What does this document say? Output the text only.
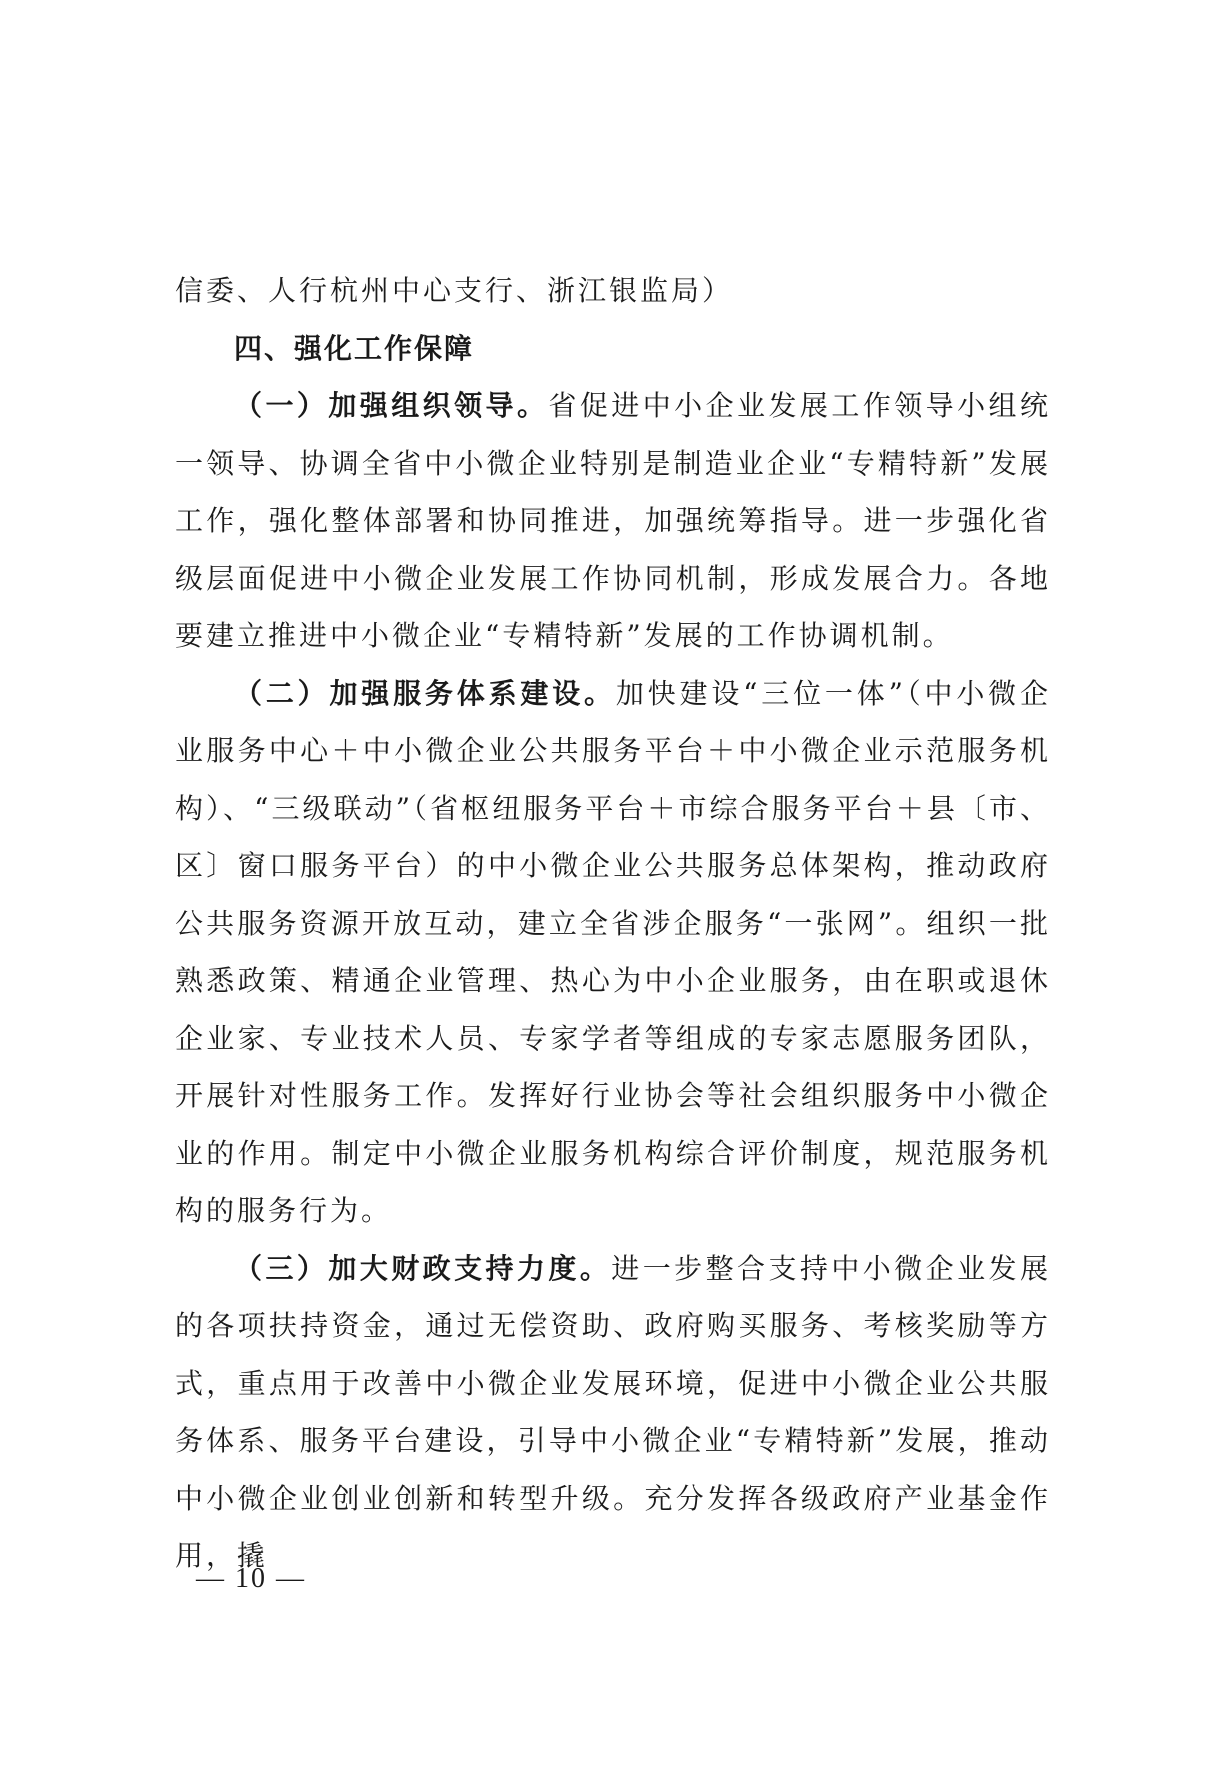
信委、人行杭州中心支行、浙江银监局）

四、强化工作保障

（一）加强组织领导。省促进中小企业发展工作领导小组统一领导、协调全省中小微企业特别是制造业企业“专精特新”发展工作，强化整体部署和协同推进，加强统筹指导。进一步强化省级层面促进中小微企业发展工作协同机制，形成发展合力。各地要建立推进中小微企业“专精特新”发展的工作协调机制。

（二）加强服务体系建设。加快建设“三位一体”（中小微企业服务中心＋中小微企业公共服务平台＋中小微企业示范服务机构）、“三级联动”（省枢纽服务平台＋市综合服务平台＋县〔市、区〕窗口服务平台）的中小微企业公共服务总体架构，推动政府公共服务资源开放互动，建立全省涉企服务“一张网”。组织一批熟悉政策、精通企业管理、热心为中小企业服务，由在职或退休企业家、专业技术人员、专家学者等组成的专家志愿服务团队，开展针对性服务工作。发挥好行业协会等社会组织服务中小微企业的作用。制定中小微企业服务机构综合评价制度，规范服务机构的服务行为。

（三）加大财政支持力度。进一步整合支持中小微企业发展的各项扶持资金，通过无偿资助、政府购买服务、考核奖励等方式，重点用于改善中小微企业发展环境，促进中小微企业公共服务体系、服务平台建设，引导中小微企业“专精特新”发展，推动中小微企业创业创新和转型升级。充分发挥各级政府产业基金作用，撬

— 10 —
